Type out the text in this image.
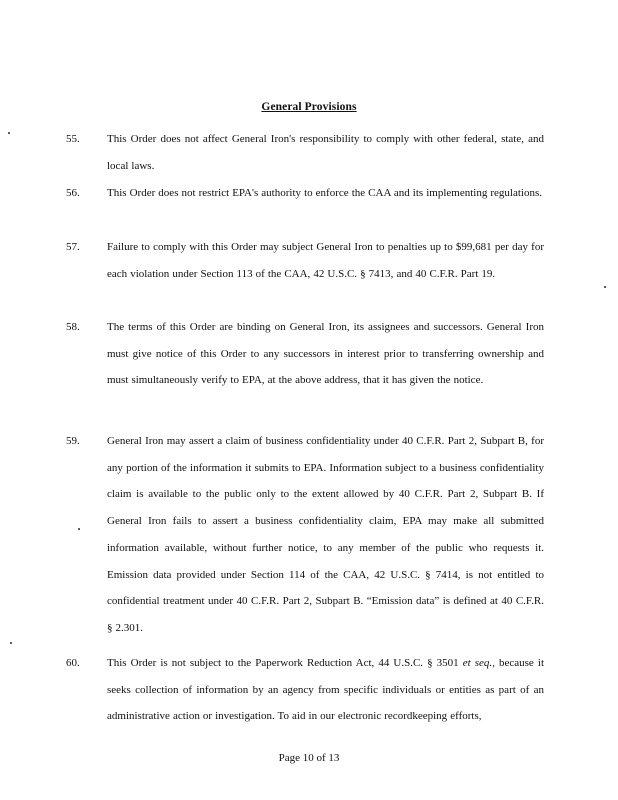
General Provisions
55. This Order does not affect General Iron's responsibility to comply with other federal, state, and local laws.
56. This Order does not restrict EPA's authority to enforce the CAA and its implementing regulations.
57. Failure to comply with this Order may subject General Iron to penalties up to $99,681 per day for each violation under Section 113 of the CAA, 42 U.S.C. § 7413, and 40 C.F.R. Part 19.
58. The terms of this Order are binding on General Iron, its assignees and successors. General Iron must give notice of this Order to any successors in interest prior to transferring ownership and must simultaneously verify to EPA, at the above address, that it has given the notice.
59. General Iron may assert a claim of business confidentiality under 40 C.F.R. Part 2, Subpart B, for any portion of the information it submits to EPA. Information subject to a business confidentiality claim is available to the public only to the extent allowed by 40 C.F.R. Part 2, Subpart B. If General Iron fails to assert a business confidentiality claim, EPA may make all submitted information available, without further notice, to any member of the public who requests it. Emission data provided under Section 114 of the CAA, 42 U.S.C. § 7414, is not entitled to confidential treatment under 40 C.F.R. Part 2, Subpart B. “Emission data” is defined at 40 C.F.R. § 2.301.
60. This Order is not subject to the Paperwork Reduction Act, 44 U.S.C. § 3501 et seq., because it seeks collection of information by an agency from specific individuals or entities as part of an administrative action or investigation. To aid in our electronic recordkeeping efforts,
Page 10 of 13
